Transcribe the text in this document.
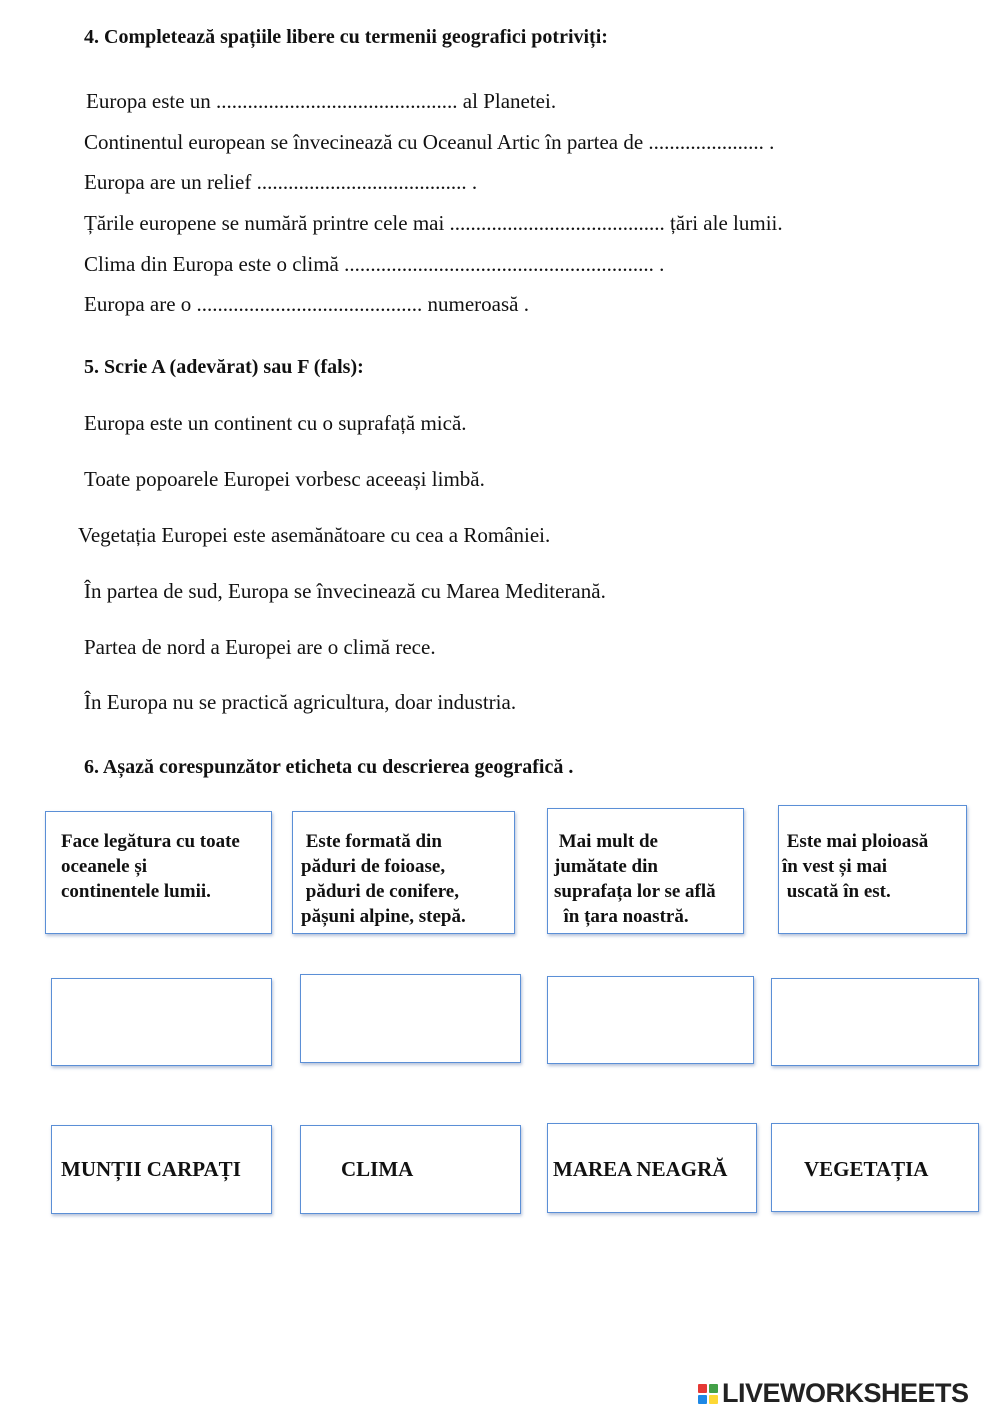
4. Completează spațiile libere cu termenii geografici potriviți:
Europa este un .............................................. al Planetei.
Continentul european se învecinează cu Oceanul Artic în partea de ...................... .
Europa are un relief ........................................ .
Țările europene se numără printre cele mai ......................................... țări ale lumii.
Clima din Europa este o climă ........................................................... .
Europa are o ........................................... numeroasă .
5. Scrie A (adevărat) sau F (fals):
Europa este un continent cu o suprafață mică.
Toate popoarele Europei vorbesc aceeași limbă.
Vegetația Europei este asemănătoare cu cea a României.
În partea de sud, Europa se învecinează cu Marea Mediterană.
Partea de nord a Europei are o climă rece.
În Europa nu se practică agricultura, doar industria.
6. Așază corespunzător eticheta cu descrierea geografică .
Face legătura cu toate
oceanele și
continentele lumii.
Este formată din
păduri de foioase,
păduri de conifere,
pășuni alpine, stepă.
Mai mult de
jumătate din
suprafața lor se află
în țara noastră.
Este mai ploioasă
în vest și mai
uscată în est.
MUNȚII CARPAȚI	CLIMA	MAREA NEAGRĂ	VEGETAȚIA
LIVEWORKSHEETS
